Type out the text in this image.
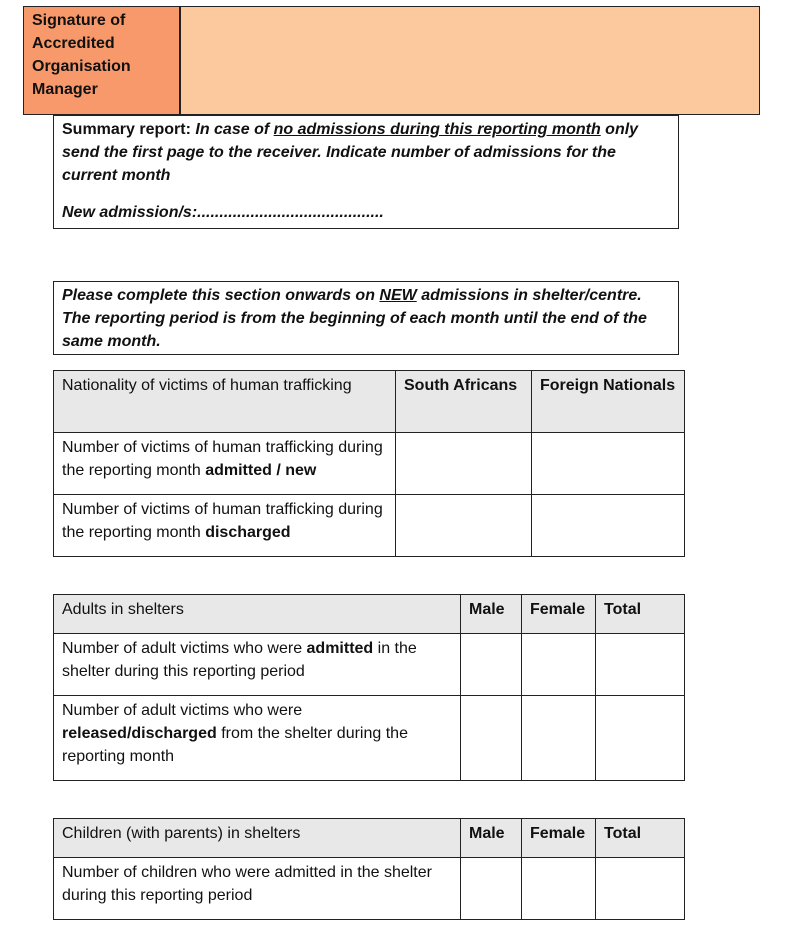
Signature of Accredited Organisation Manager
Summary report: In case of no admissions during this reporting month only send the first page to the receiver. Indicate number of admissions for the current month
New admission/s:..........................................
Please complete this section onwards on NEW admissions in shelter/centre. The reporting period is from the beginning of each month until the end of the same month.
Nationality of victims of human trafficking	South Africans	Foreign Nationals
Number of victims of human trafficking during the reporting month admitted / new		
Number of victims of human trafficking during the reporting month discharged		
Adults in shelters	Male	Female	Total
Number of adult victims who were admitted in the shelter during this reporting period			
Number of adult victims who were released/discharged from the shelter during the reporting month			
Children (with parents) in shelters	Male	Female	Total
Number of children who were admitted in the shelter during this reporting period			
